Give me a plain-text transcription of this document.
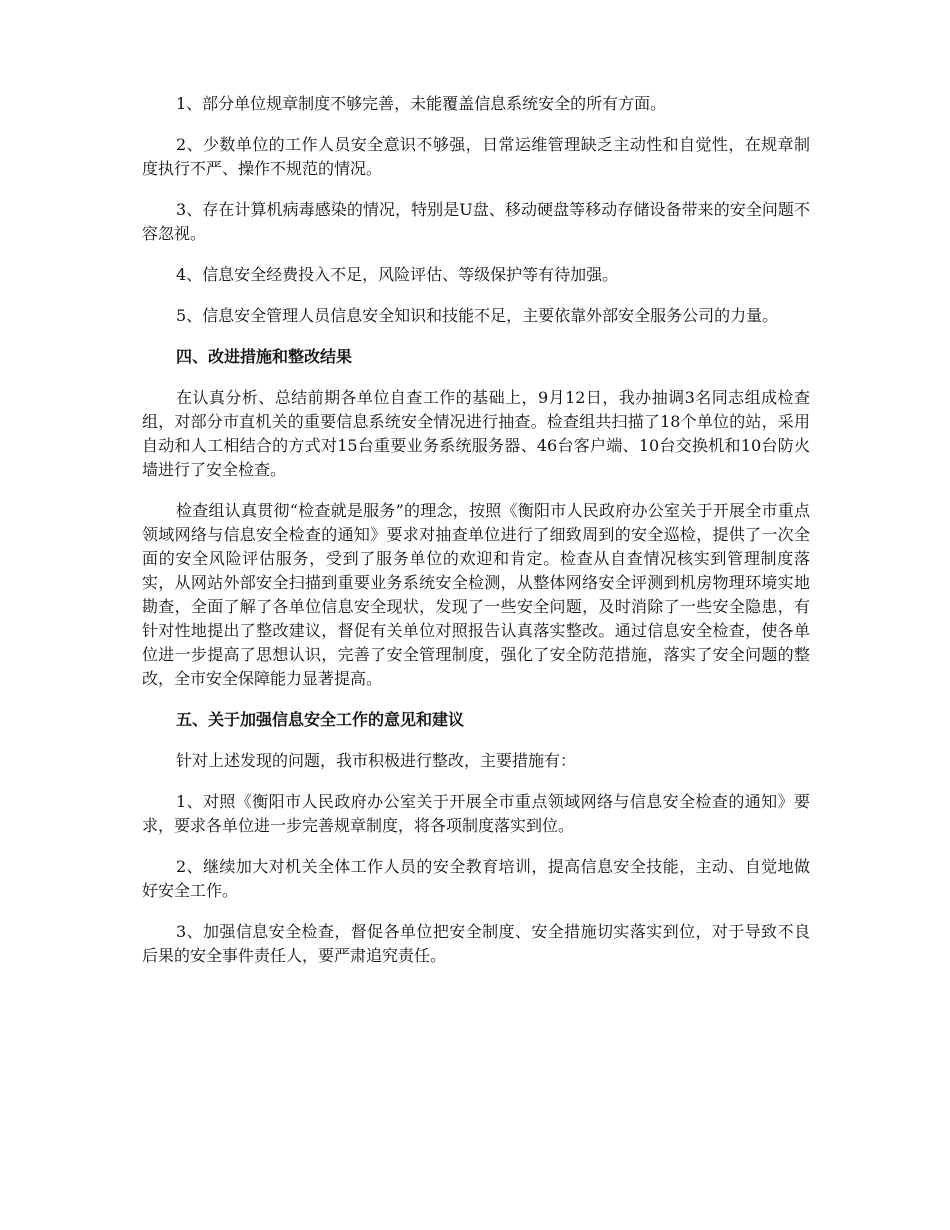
1、部分单位规章制度不够完善，未能覆盖信息系统安全的所有方面。

2、少数单位的工作人员安全意识不够强，日常运维管理缺乏主动性和自觉性，在规章制度执行不严、操作不规范的情况。

3、存在计算机病毒感染的情况，特别是U盘、移动硬盘等移动存储设备带来的安全问题不容忽视。

4、信息安全经费投入不足，风险评估、等级保护等有待加强。

5、信息安全管理人员信息安全知识和技能不足，主要依靠外部安全服务公司的力量。

四、改进措施和整改结果

在认真分析、总结前期各单位自查工作的基础上，9月12日，我办抽调3名同志组成检查组，对部分市直机关的重要信息系统安全情况进行抽查。检查组共扫描了18个单位的站，采用自动和人工相结合的方式对15台重要业务系统服务器、46台客户端、10台交换机和10台防火墙进行了安全检查。

检查组认真贯彻“检查就是服务”的理念，按照《衡阳市人民政府办公室关于开展全市重点领域网络与信息安全检查的通知》要求对抽查单位进行了细致周到的安全巡检，提供了一次全面的安全风险评估服务，受到了服务单位的欢迎和肯定。检查从自查情况核实到管理制度落实，从网站外部安全扫描到重要业务系统安全检测，从整体网络安全评测到机房物理环境实地勘查，全面了解了各单位信息安全现状，发现了一些安全问题，及时消除了一些安全隐患，有针对性地提出了整改建议，督促有关单位对照报告认真落实整改。通过信息安全检查，使各单位进一步提高了思想认识，完善了安全管理制度，强化了安全防范措施，落实了安全问题的整改，全市安全保障能力显著提高。

五、关于加强信息安全工作的意见和建议

针对上述发现的问题，我市积极进行整改，主要措施有：

1、对照《衡阳市人民政府办公室关于开展全市重点领域网络与信息安全检查的通知》要求，要求各单位进一步完善规章制度，将各项制度落实到位。

2、继续加大对机关全体工作人员的安全教育培训，提高信息安全技能，主动、自觉地做好安全工作。

3、加强信息安全检查，督促各单位把安全制度、安全措施切实落实到位，对于导致不良后果的安全事件责任人，要严肃追究责任。
